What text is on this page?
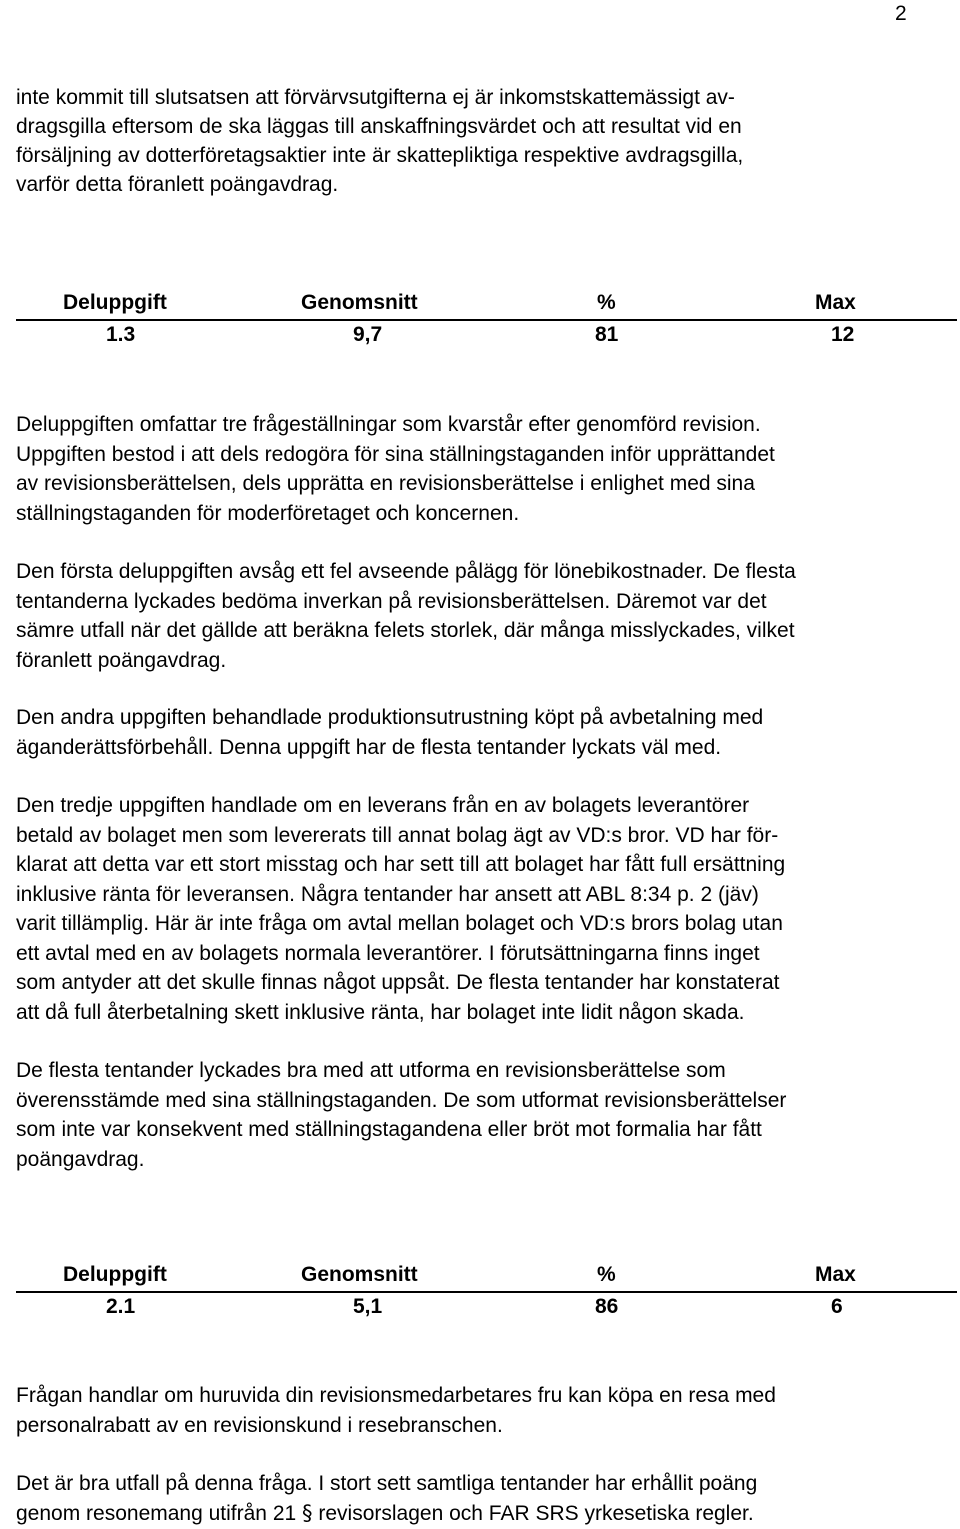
2

inte kommit till slutsatsen att förvärvsutgifterna ej är inkomstskattemässigt av-
dragsgilla eftersom de ska läggas till anskaffningsvärdet och att resultat vid en
försäljning av dotterföretagsaktier inte är skattepliktiga respektive avdragsgilla,
varför detta föranlett poängavdrag.

Deluppgift	Genomsnitt	%	Max
1.3	9,7	81	12

Deluppgiften omfattar tre frågeställningar som kvarstår efter genomförd revision.
Uppgiften bestod i att dels redogöra för sina ställningstaganden inför upprättandet
av revisionsberättelsen, dels upprätta en revisionsberättelse i enlighet med sina
ställningstaganden för moderföretaget och koncernen.

Den första deluppgiften avsåg ett fel avseende pålägg för lönebikostnader. De flesta
tentanderna lyckades bedöma inverkan på revisionsberättelsen. Däremot var det
sämre utfall när det gällde att beräkna felets storlek, där många misslyckades, vilket
föranlett poängavdrag.

Den andra uppgiften behandlade produktionsutrustning köpt på avbetalning med
äganderättsförbehåll. Denna uppgift har de flesta tentander lyckats väl med.

Den tredje uppgiften handlade om en leverans från en av bolagets leverantörer
betald av bolaget men som levererats till annat bolag ägt av VD:s bror. VD har för-
klarat att detta var ett stort misstag och har sett till att bolaget har fått full ersättning
inklusive ränta för leveransen. Några tentander har ansett att ABL 8:34 p. 2 (jäv)
varit tillämplig. Här är inte fråga om avtal mellan bolaget och VD:s brors bolag utan
ett avtal med en av bolagets normala leverantörer. I förutsättningarna finns inget
som antyder att det skulle finnas något uppsåt. De flesta tentander har konstaterat
att då full återbetalning skett inklusive ränta, har bolaget inte lidit någon skada.

De flesta tentander lyckades bra med att utforma en revisionsberättelse som
överensstämde med sina ställningstaganden. De som utformat revisionsberättelser
som inte var konsekvent med ställningstagandena eller bröt mot formalia har fått
poängavdrag.

Deluppgift	Genomsnitt	%	Max
2.1	5,1	86	6

Frågan handlar om huruvida din revisionsmedarbetares fru kan köpa en resa med
personalrabatt av en revisionskund i resebranschen.

Det är bra utfall på denna fråga. I stort sett samtliga tentander har erhållit poäng
genom resonemang utifrån 21 § revisorslagen och FAR SRS yrkesetiska regler.
